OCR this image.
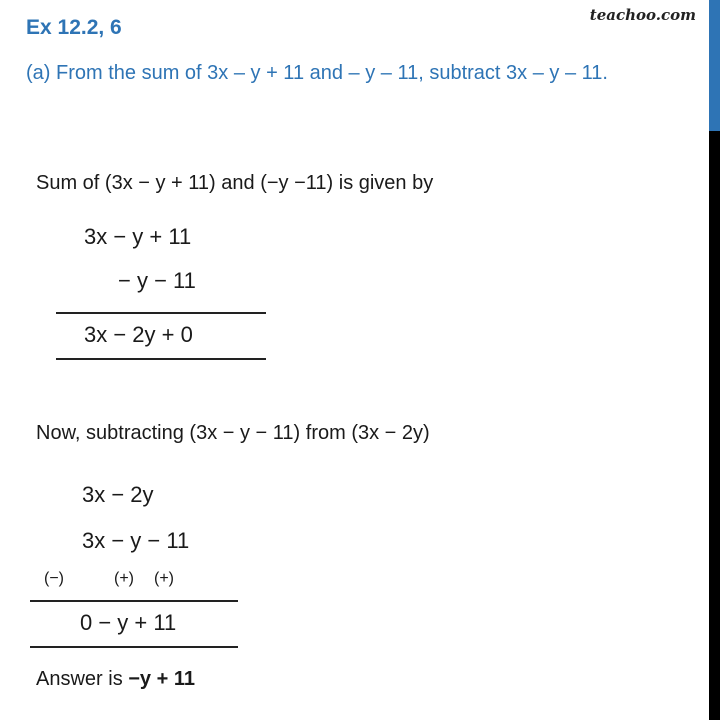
teachoo.com
Ex 12.2, 6
(a) From the sum of 3x – y + 11 and – y – 11, subtract 3x – y – 11.
Sum of (3x − y + 11) and (−y −11) is given by
3x − y + 11
− y − 11
3x − 2y + 0
Now, subtracting (3x − y − 11) from (3x − 2y)
3x − 2y
3x − y − 11
(−)	(+) (+)
0 − y + 11
Answer is −y + 11
